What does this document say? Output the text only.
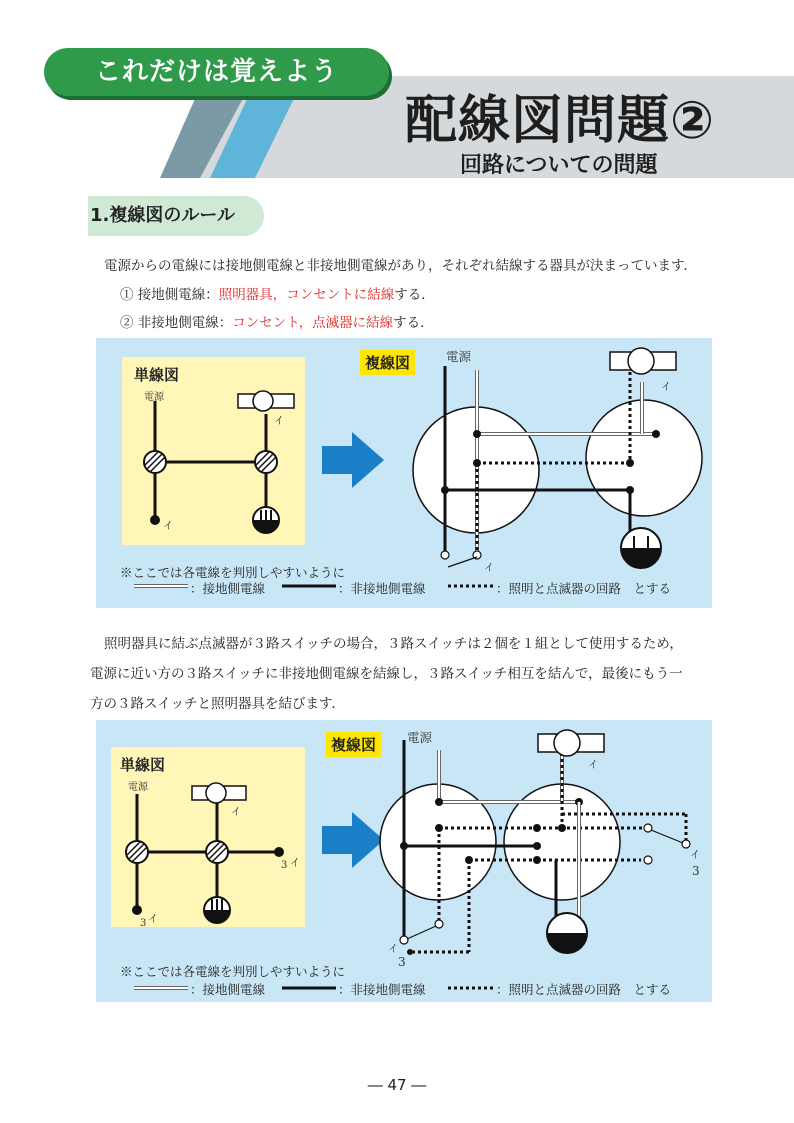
これだけは覚えよう
配線図問題②
回路についての問題
1.複線図のルール
電源からの電線には接地側電線と非接地側電線があり，それぞれ結線する器具が決まっています．
① 接地側電線：照明器具，コンセントに結線する．
② 非接地側電線：コンセント，点滅器に結線する．
単線図
電源
イ
イ
複線図	電源
イ
イ
※ここでは各電線を判別しやすいように
：接地側電線	：非接地側電線	：照明と点滅器の回路　とする
照明器具に結ぶ点滅器が３路スイッチの場合，３路スイッチは２個を１組として使用するため，
電源に近い方の３路スイッチに非接地側電線を結線し，３路スイッチ相互を結んで，最後にもう一
方の３路スイッチと照明器具を結びます．
単線図
電源
イ
イ
3
イ
3
複線図	電源
イ
イ
3
イ
3
※ここでは各電線を判別しやすいように
：接地側電線	：非接地側電線	：照明と点滅器の回路　とする
― 47 ―
